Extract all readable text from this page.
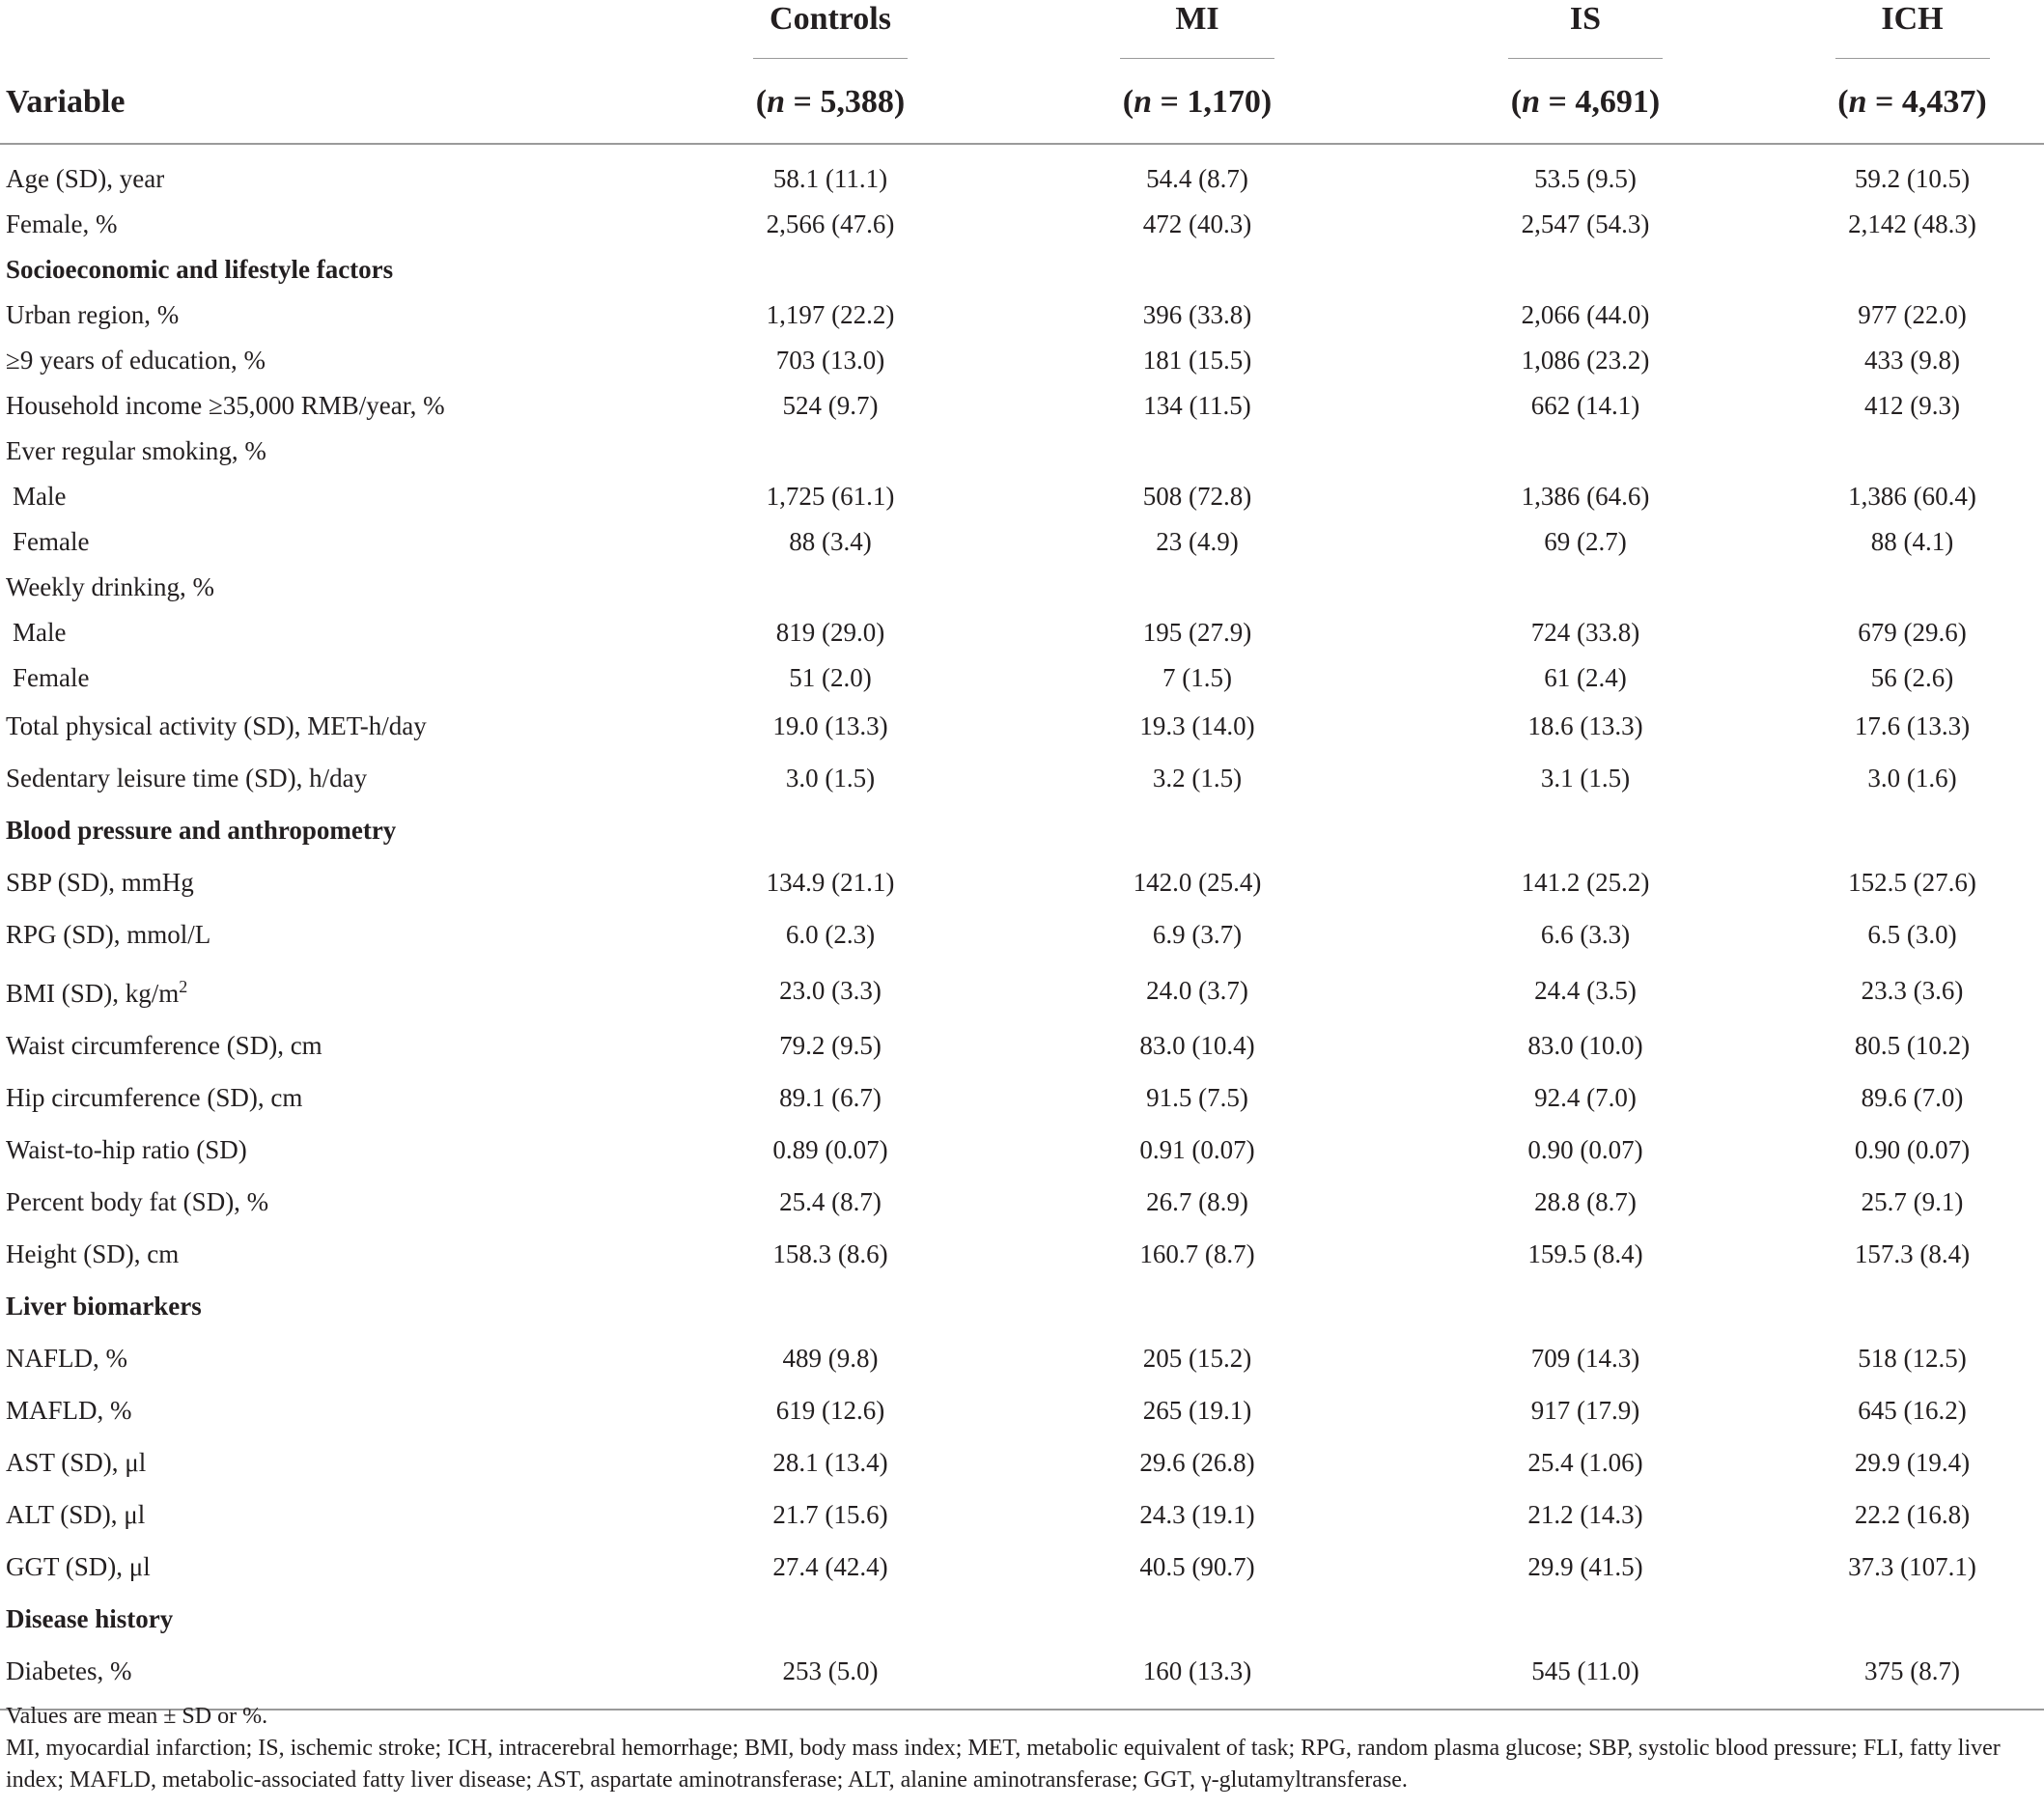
	Controls	MI	IS	ICH

Variable	(n = 5,388)	(n = 1,170)	(n = 4,691)	(n = 4,437)
Age (SD), year	58.1 (11.1)	54.4 (8.7)	53.5 (9.5)	59.2 (10.5)
Female, %	2,566 (47.6)	472 (40.3)	2,547 (54.3)	2,142 (48.3)
Socioeconomic and lifestyle factors				
Urban region, %	1,197 (22.2)	396 (33.8)	2,066 (44.0)	977 (22.0)
≥9 years of education, %	703 (13.0)	181 (15.5)	1,086 (23.2)	433 (9.8)
Household income ≥35,000 RMB/year, %	524 (9.7)	134 (11.5)	662 (14.1)	412 (9.3)
Ever regular smoking, %				
Male	1,725 (61.1)	508 (72.8)	1,386 (64.6)	1,386 (60.4)
Female	88 (3.4)	23 (4.9)	69 (2.7)	88 (4.1)
Weekly drinking, %				
Male	819 (29.0)	195 (27.9)	724 (33.8)	679 (29.6)
Female	51 (2.0)	7 (1.5)	61 (2.4)	56 (2.6)
Total physical activity (SD), MET-h/day	19.0 (13.3)	19.3 (14.0)	18.6 (13.3)	17.6 (13.3)
Sedentary leisure time (SD), h/day	3.0 (1.5)	3.2 (1.5)	3.1 (1.5)	3.0 (1.6)
Blood pressure and anthropometry				
SBP (SD), mmHg	134.9 (21.1)	142.0 (25.4)	141.2 (25.2)	152.5 (27.6)
RPG (SD), mmol/L	6.0 (2.3)	6.9 (3.7)	6.6 (3.3)	6.5 (3.0)
BMI (SD), $kg/m^2$	23.0 (3.3)	24.0 (3.7)	24.4 (3.5)	23.3 (3.6)
Waist circumference (SD), cm	79.2 (9.5)	83.0 (10.4)	83.0 (10.0)	80.5 (10.2)
Hip circumference (SD), cm	89.1 (6.7)	91.5 (7.5)	92.4 (7.0)	89.6 (7.0)
Waist-to-hip ratio (SD)	0.89 (0.07)	0.91 (0.07)	0.90 (0.07)	0.90 (0.07)
Percent body fat (SD), %	25.4 (8.7)	26.7 (8.9)	28.8 (8.7)	25.7 (9.1)
Height (SD), cm	158.3 (8.6)	160.7 (8.7)	159.5 (8.4)	157.3 (8.4)
Liver biomarkers				
NAFLD, %	489 (9.8)	205 (15.2)	709 (14.3)	518 (12.5)
MAFLD, %	619 (12.6)	265 (19.1)	917 (17.9)	645 (16.2)
AST (SD), μl	28.1 (13.4)	29.6 (26.8)	25.4 (1.06)	29.9 (19.4)
ALT (SD), μl	21.7 (15.6)	24.3 (19.1)	21.2 (14.3)	22.2 (16.8)
GGT (SD), μl	27.4 (42.4)	40.5 (90.7)	29.9 (41.5)	37.3 (107.1)
Disease history				
Diabetes, %	253 (5.0)	160 (13.3)	545 (11.0)	375 (8.7)

Values are mean ± SD or %.

MI, myocardial infarction; IS, ischemic stroke; ICH, intracerebral hemorrhage; BMI, body mass index; MET, metabolic equivalent of task; RPG, random plasma glucose; SBP, systolic blood pressure; FLI, fatty liver index; MAFLD, metabolic-associated fatty liver disease; AST, aspartate aminotransferase; ALT, alanine aminotransferase; GGT, γ-glutamyltransferase.
